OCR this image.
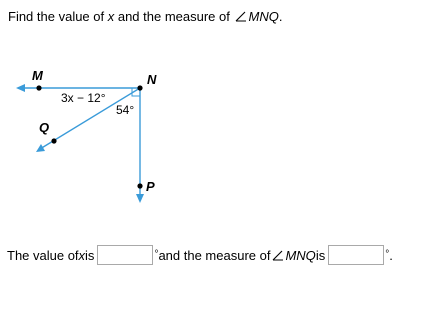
Find the value of x and the measure of MNQ.
M	N
Q
P
3x − 12°
54°
The value of x is	° and the measure of MNQ is	° .
